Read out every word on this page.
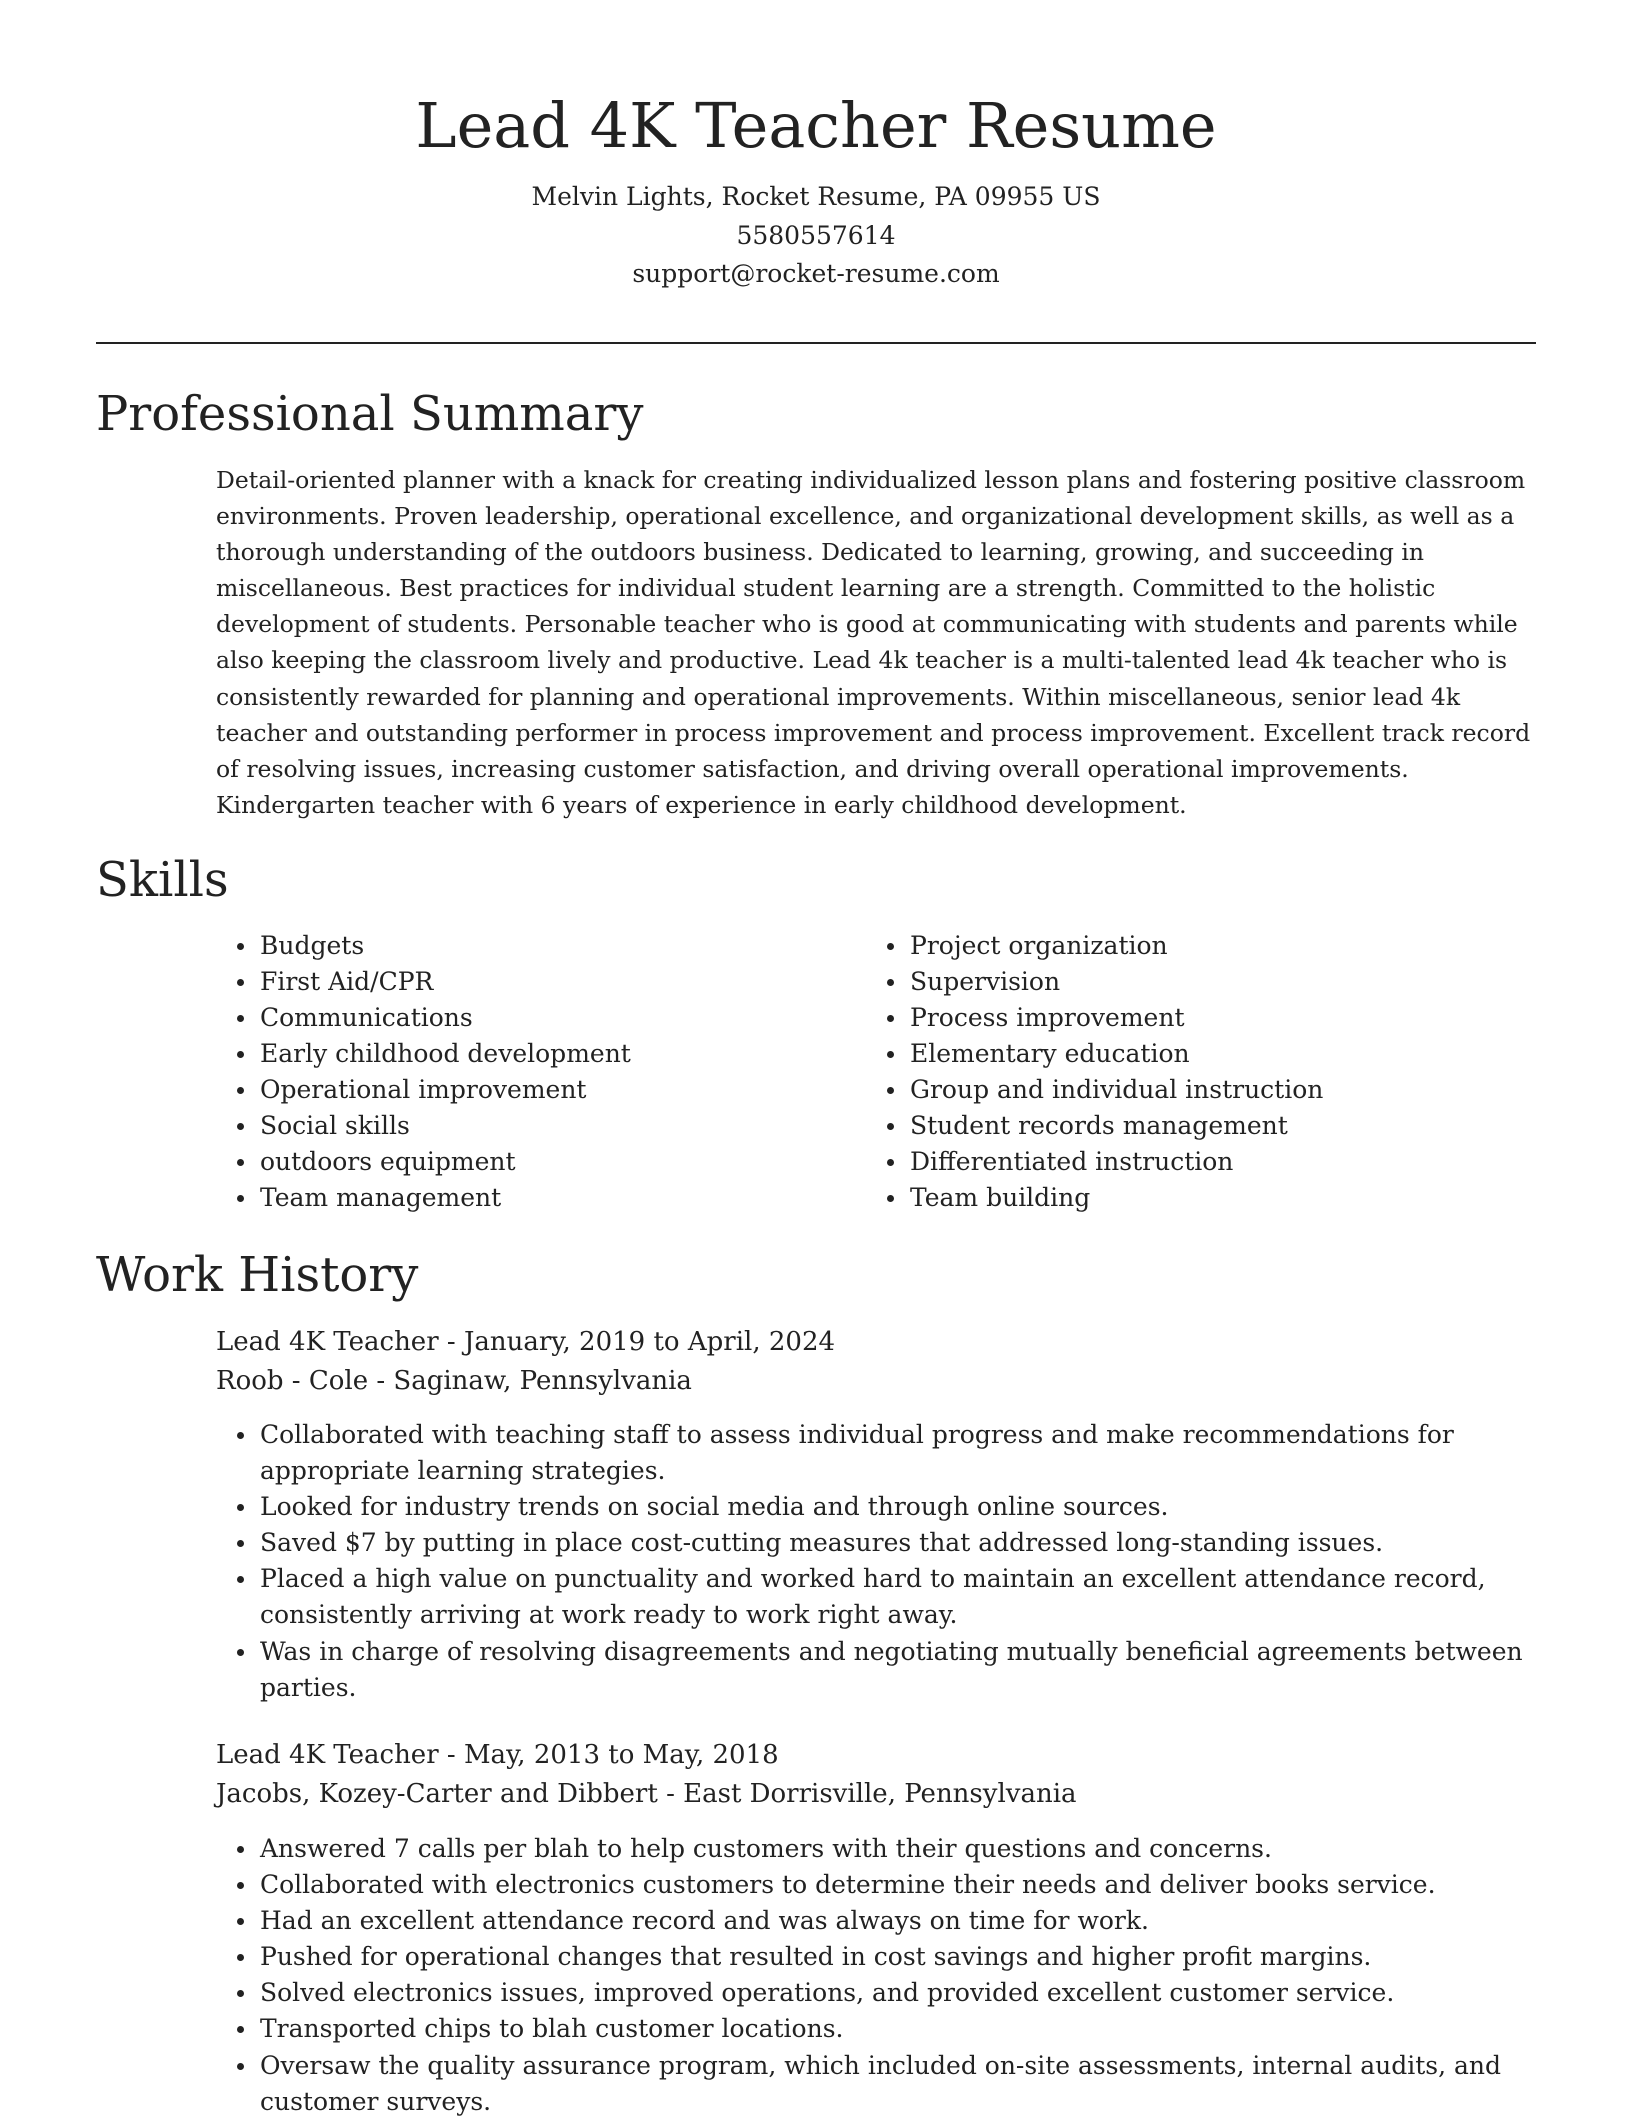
Lead 4K Teacher Resume
Melvin Lights, Rocket Resume, PA 09955 US
5580557614
support@rocket-resume.com
Professional Summary

Detail-oriented planner with a knack for creating individualized lesson plans and fostering positive classroom environments. Proven leadership, operational excellence, and organizational development skills, as well as a thorough understanding of the outdoors business. Dedicated to learning, growing, and succeeding in miscellaneous. Best practices for individual student learning are a strength. Committed to the holistic development of students. Personable teacher who is good at communicating with students and parents while also keeping the classroom lively and productive. Lead 4k teacher is a multi-talented lead 4k teacher who is consistently rewarded for planning and operational improvements. Within miscellaneous, senior lead 4k teacher and outstanding performer in process improvement and process improvement. Excellent track record of resolving issues, increasing customer satisfaction, and driving overall operational improvements. Kindergarten teacher with 6 years of experience in early childhood development.

Skills
Budgets
First Aid/CPR
Communications
Early childhood development
Operational improvement
Social skills
outdoors equipment
Team management
Project organization
Supervision
Process improvement
Elementary education
Group and individual instruction
Student records management
Differentiated instruction
Team building
Work History
Lead 4K Teacher - January, 2019 to April, 2024
Roob - Cole - Saginaw, Pennsylvania
Collaborated with teaching staff to assess individual progress and make recommendations for appropriate learning strategies.
Looked for industry trends on social media and through online sources.
Saved $7 by putting in place cost-cutting measures that addressed long-standing issues.
Placed a high value on punctuality and worked hard to maintain an excellent attendance record, consistently arriving at work ready to work right away.
Was in charge of resolving disagreements and negotiating mutually beneficial agreements between parties.
Lead 4K Teacher - May, 2013 to May, 2018
Jacobs, Kozey-Carter and Dibbert - East Dorrisville, Pennsylvania
Answered 7 calls per blah to help customers with their questions and concerns.
Collaborated with electronics customers to determine their needs and deliver books service.
Had an excellent attendance record and was always on time for work.
Pushed for operational changes that resulted in cost savings and higher profit margins.
Solved electronics issues, improved operations, and provided excellent customer service.
Transported chips to blah customer locations.
Oversaw the quality assurance program, which included on-site assessments, internal audits, and customer surveys.
